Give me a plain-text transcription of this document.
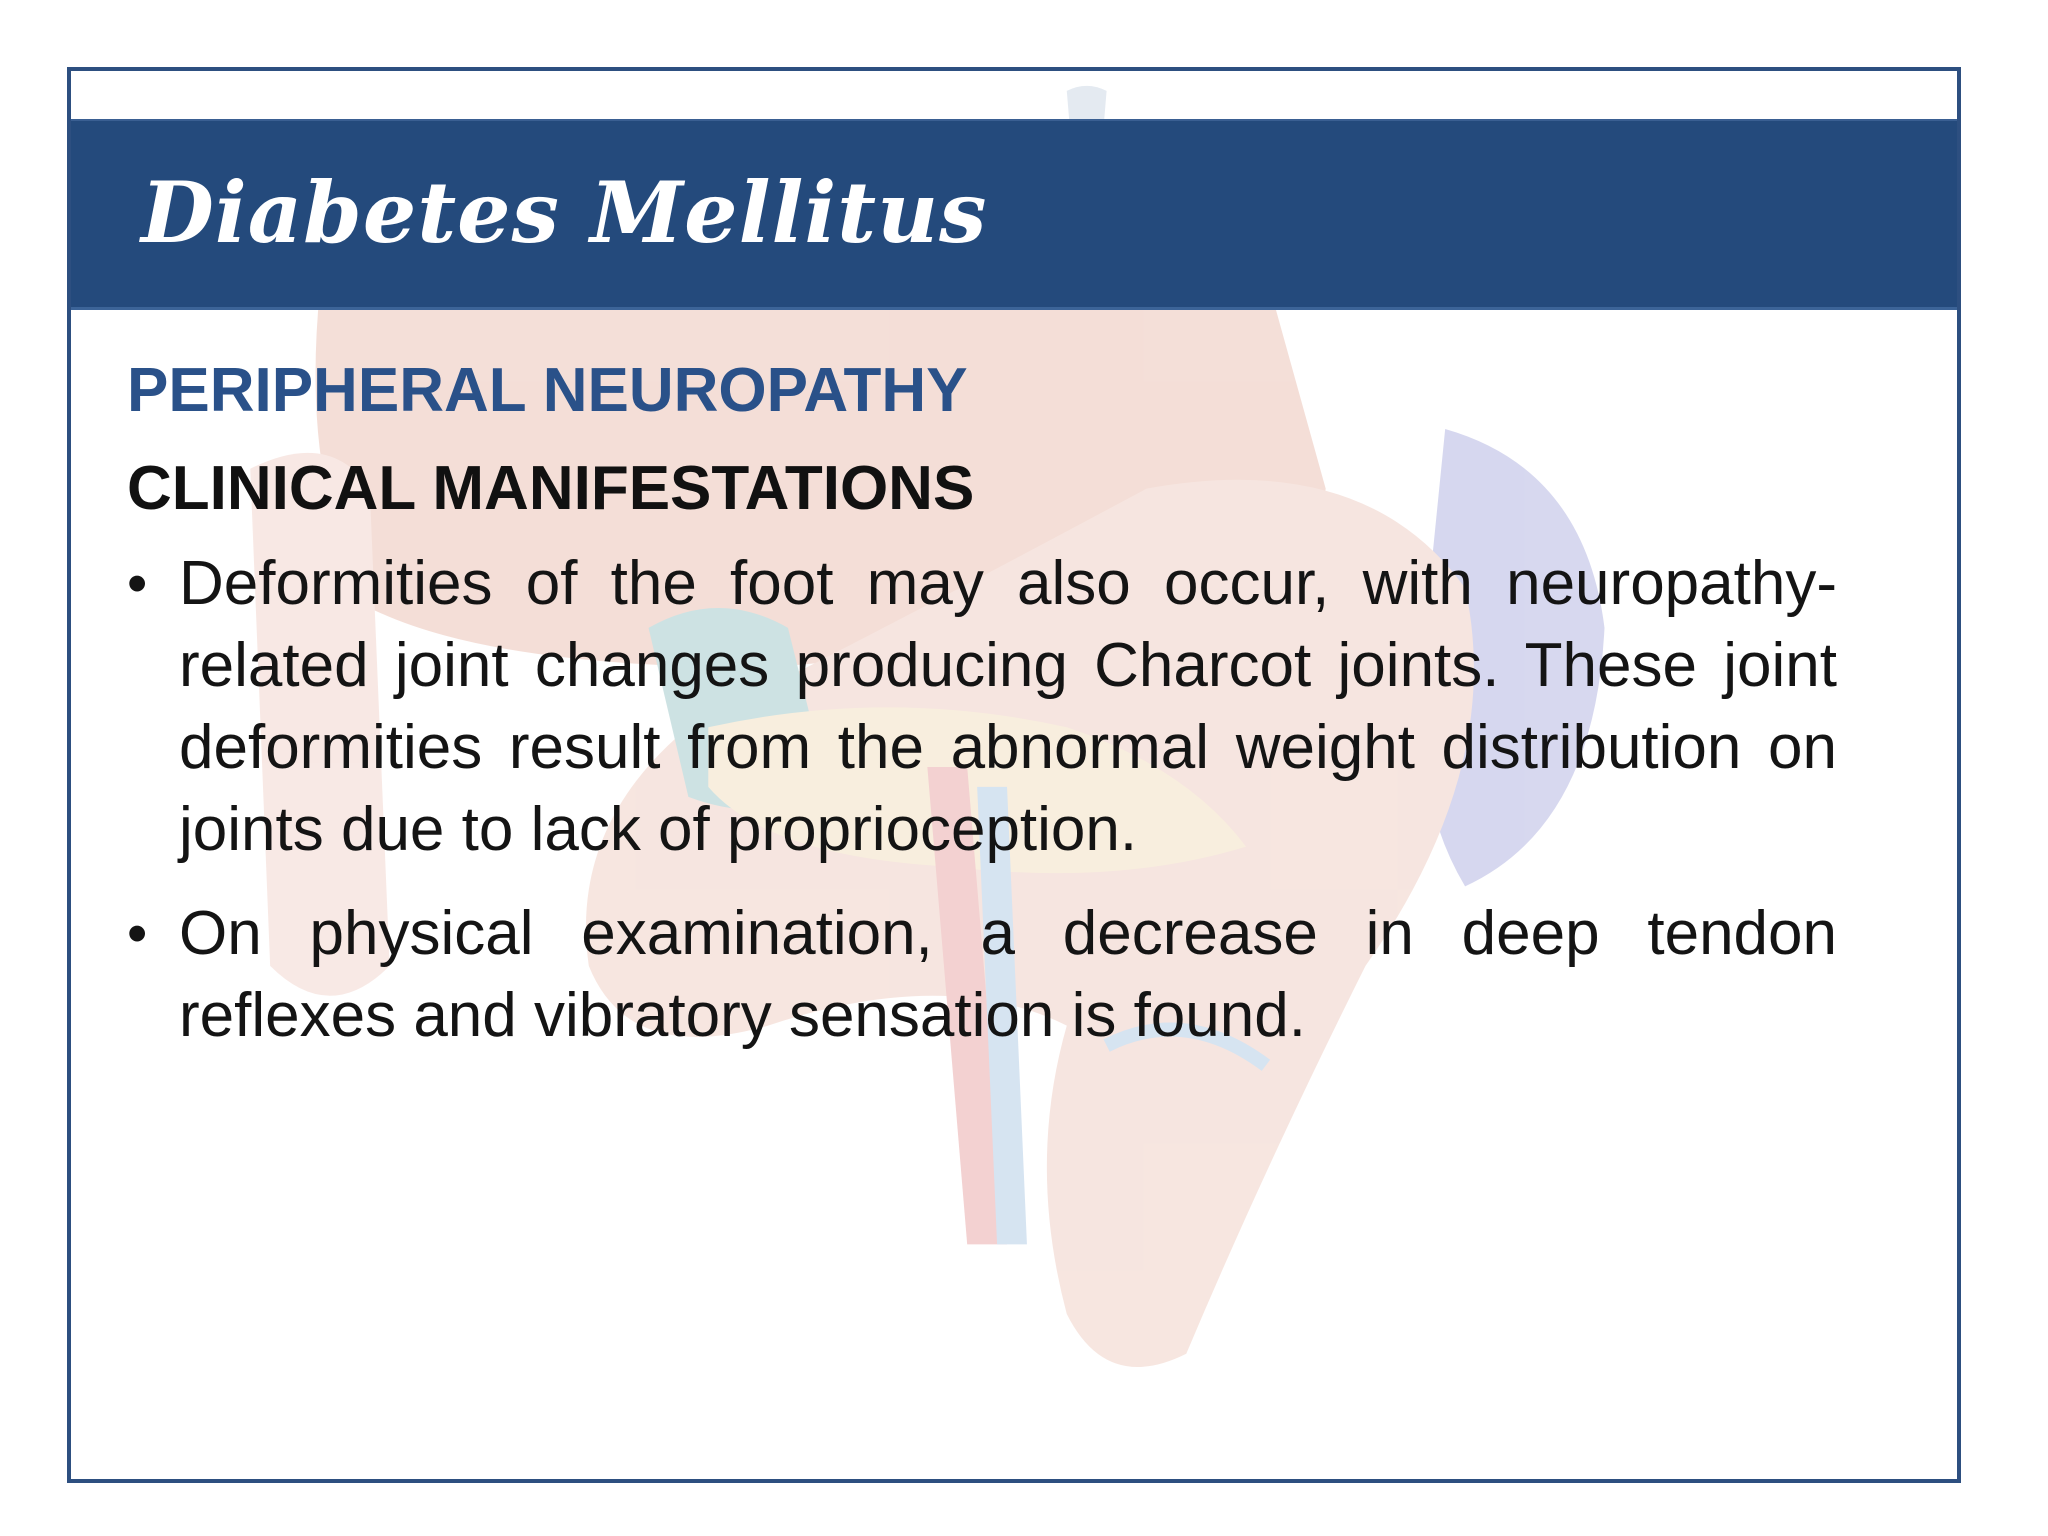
Diabetes Mellitus

PERIPHERAL NEUROPATHY

CLINICAL MANIFESTATIONS

• Deformities of the foot may also occur, with neuropathy-related joint changes producing Charcot joints. These joint deformities result from the abnormal weight distribution on joints due to lack of proprioception.
• On physical examination, a decrease in deep tendon reflexes and vibratory sensation is found.
